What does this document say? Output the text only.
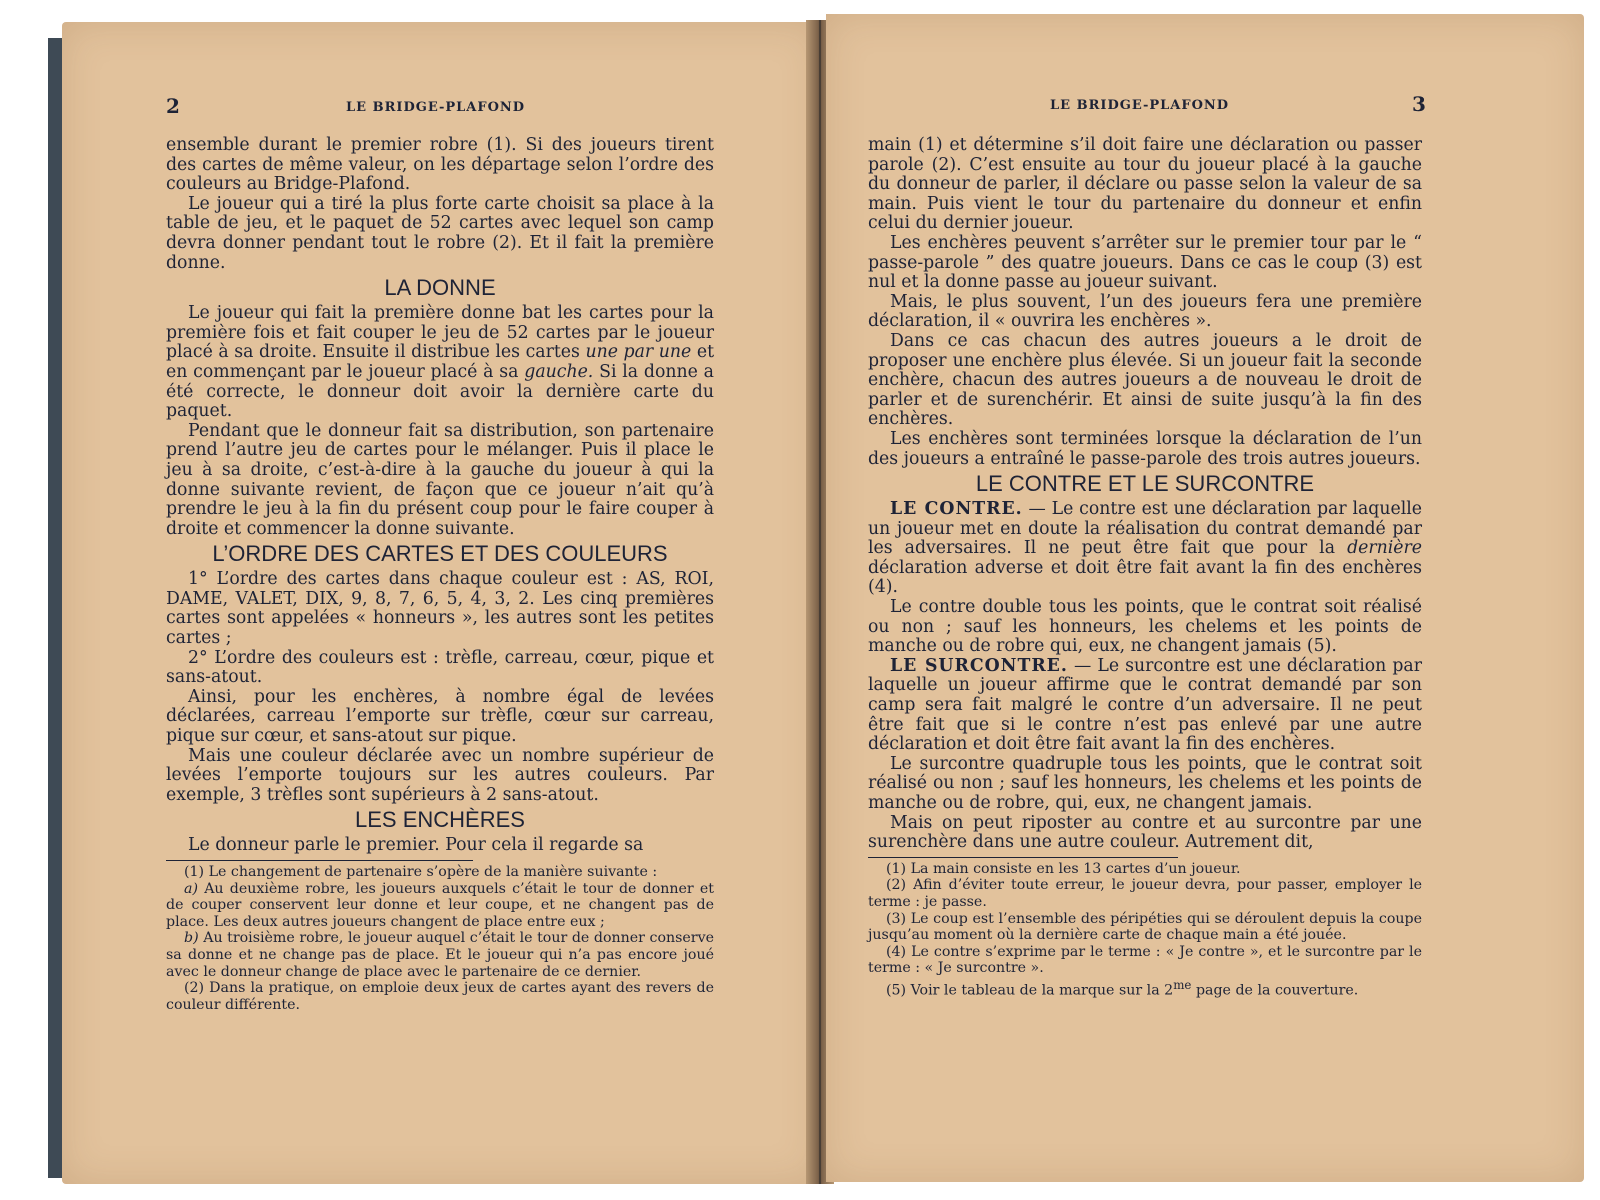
2	LE BRIDGE-PLAFOND

ensemble durant le premier robre (1). Si des joueurs tirent des cartes de même valeur, on les départage selon l’ordre des couleurs au Bridge-Plafond.

Le joueur qui a tiré la plus forte carte choisit sa place à la table de jeu, et le paquet de 52 cartes avec lequel son camp devra donner pendant tout le robre (2). Et il fait la première donne.

LA DONNE

Le joueur qui fait la première donne bat les cartes pour la première fois et fait couper le jeu de 52 cartes par le joueur placé à sa droite. Ensuite il distribue les cartes une par une et en commençant par le joueur placé à sa gauche. Si la donne a été correcte, le donneur doit avoir la dernière carte du paquet.

Pendant que le donneur fait sa distribution, son partenaire prend l’autre jeu de cartes pour le mélanger. Puis il place le jeu à sa droite, c’est-à-dire à la gauche du joueur à qui la donne suivante revient, de façon que ce joueur n’ait qu’à prendre le jeu à la fin du présent coup pour le faire couper à droite et commencer la donne suivante.

L’ORDRE DES CARTES ET DES COULEURS

1° L’ordre des cartes dans chaque couleur est : AS, ROI, DAME, VALET, DIX, 9, 8, 7, 6, 5, 4, 3, 2. Les cinq premières cartes sont appelées « honneurs », les autres sont les petites cartes ;

2° L’ordre des couleurs est : trèfle, carreau, cœur, pique et sans-atout.

Ainsi, pour les enchères, à nombre égal de levées déclarées, carreau l’emporte sur trèfle, cœur sur carreau, pique sur cœur, et sans-atout sur pique.

Mais une couleur déclarée avec un nombre supérieur de levées l’emporte toujours sur les autres couleurs. Par exemple, 3 trèfles sont supérieurs à 2 sans-atout.

LES ENCHÈRES

Le donneur parle le premier. Pour cela il regarde sa

(1) Le changement de partenaire s’opère de la manière suivante :

a) Au deuxième robre, les joueurs auxquels c’était le tour de donner et de couper conservent leur donne et leur coupe, et ne changent pas de place. Les deux autres joueurs changent de place entre eux ;

b) Au troisième robre, le joueur auquel c’était le tour de donner conserve sa donne et ne change pas de place. Et le joueur qui n’a pas encore joué avec le donneur change de place avec le partenaire de ce dernier.

(2) Dans la pratique, on emploie deux jeux de cartes ayant des revers de couleur différente.

LE BRIDGE-PLAFOND	3

main (1) et détermine s’il doit faire une déclaration ou passer parole (2). C’est ensuite au tour du joueur placé à la gauche du donneur de parler, il déclare ou passe selon la valeur de sa main. Puis vient le tour du partenaire du donneur et enfin celui du dernier joueur.

Les enchères peuvent s’arrêter sur le premier tour par le “ passe-parole ” des quatre joueurs. Dans ce cas le coup (3) est nul et la donne passe au joueur suivant.

Mais, le plus souvent, l’un des joueurs fera une première déclaration, il « ouvrira les enchères ».

Dans ce cas chacun des autres joueurs a le droit de proposer une enchère plus élevée. Si un joueur fait la seconde enchère, chacun des autres joueurs a de nouveau le droit de parler et de surenchérir. Et ainsi de suite jusqu’à la fin des enchères.

Les enchères sont terminées lorsque la déclaration de l’un des joueurs a entraîné le passe-parole des trois autres joueurs.

LE CONTRE ET LE SURCONTRE

LE CONTRE. — Le contre est une déclaration par laquelle un joueur met en doute la réalisation du contrat demandé par les adversaires. Il ne peut être fait que pour la dernière déclaration adverse et doit être fait avant la fin des enchères (4).

Le contre double tous les points, que le contrat soit réalisé ou non ; sauf les honneurs, les chelems et les points de manche ou de robre qui, eux, ne changent jamais (5).

LE SURCONTRE. — Le surcontre est une déclaration par laquelle un joueur affirme que le contrat demandé par son camp sera fait malgré le contre d’un adversaire. Il ne peut être fait que si le contre n’est pas enlevé par une autre déclaration et doit être fait avant la fin des enchères.

Le surcontre quadruple tous les points, que le contrat soit réalisé ou non ; sauf les honneurs, les chelems et les points de manche ou de robre, qui, eux, ne changent jamais.

Mais on peut riposter au contre et au surcontre par une surenchère dans une autre couleur. Autrement dit,

(1) La main consiste en les 13 cartes d’un joueur.

(2) Afin d’éviter toute erreur, le joueur devra, pour passer, employer le terme : je passe.

(3) Le coup est l’ensemble des péripéties qui se déroulent depuis la coupe jusqu’au moment où la dernière carte de chaque main a été jouée.

(4) Le contre s’exprime par le terme : « Je contre », et le surcontre par le terme : « Je surcontre ».

(5) Voir le tableau de la marque sur la $2^{me}$ page de la couverture.
